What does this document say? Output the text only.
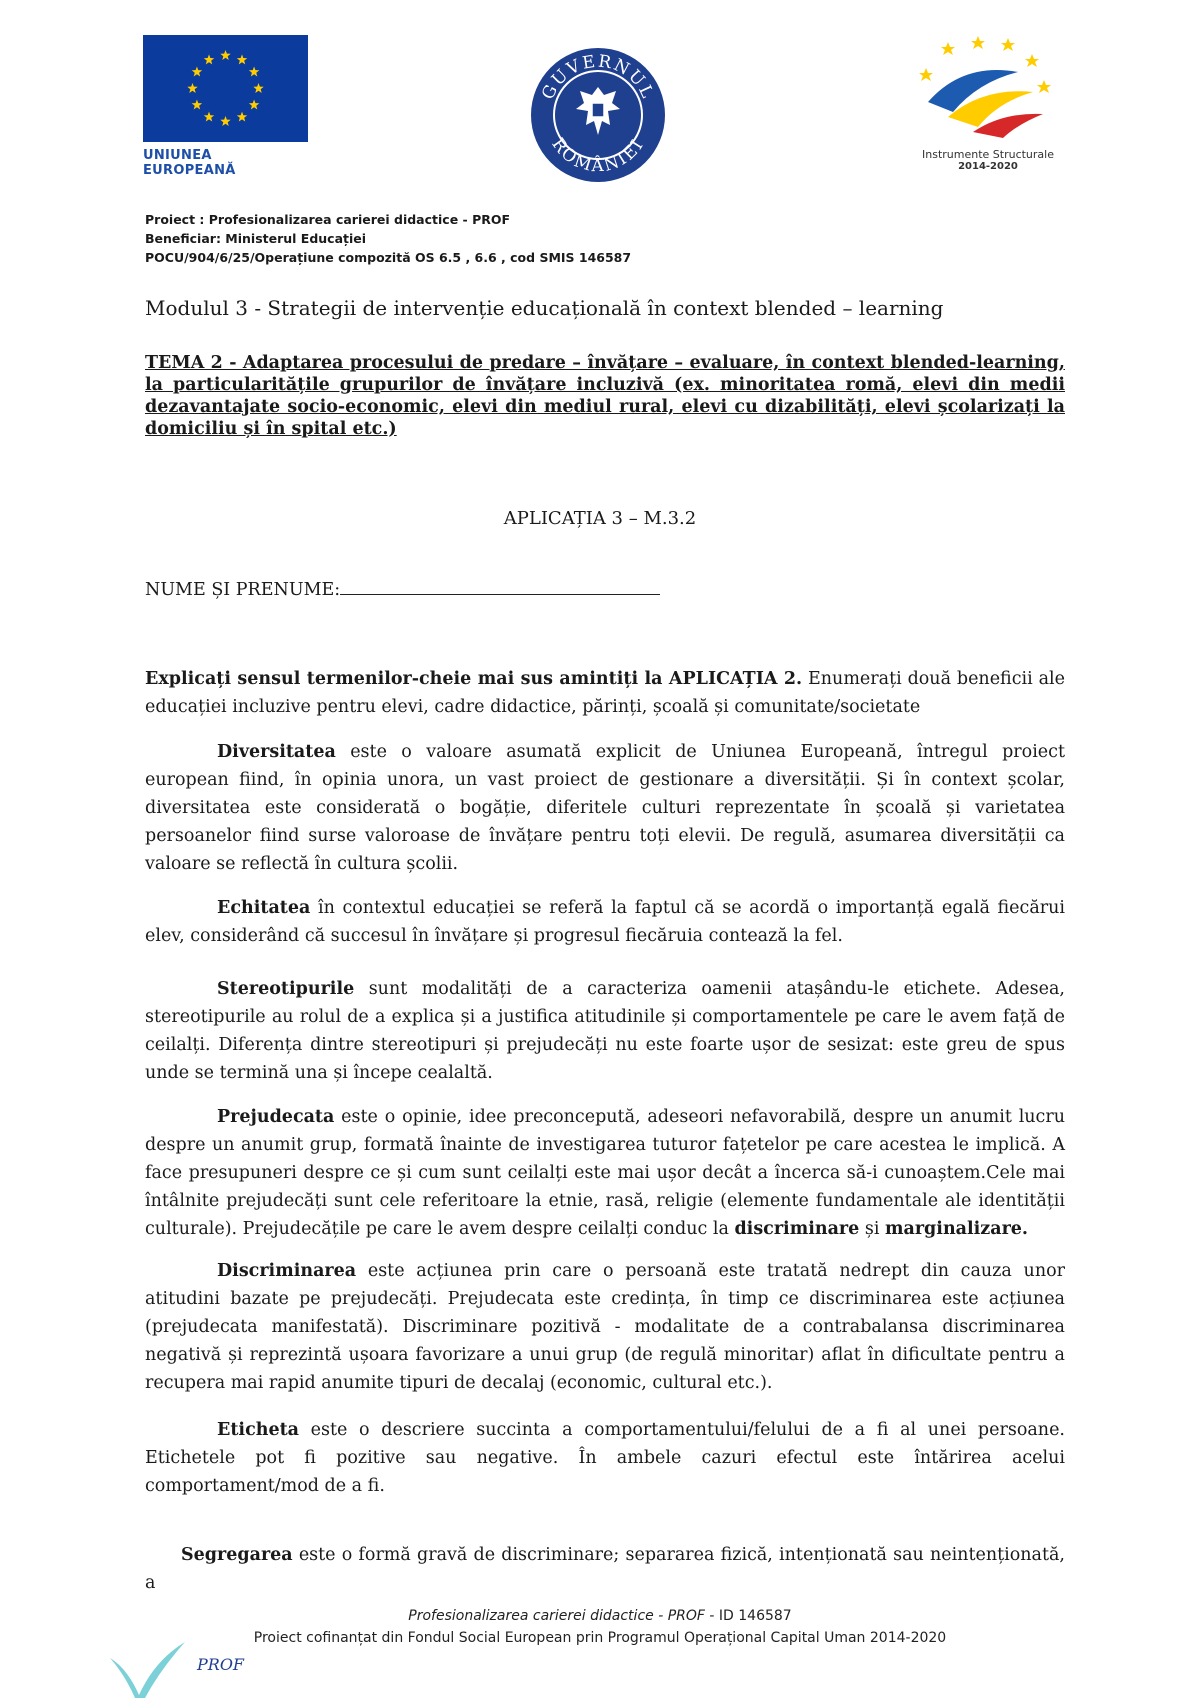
UNIUNEA EUROPEANĂ
GUVERNUL
ROMÂNIEI
Instrumente Structurale
2014-2020
Proiect : Profesionalizarea carierei didactice - PROF
Beneficiar: Ministerul Educației
POCU/904/6/25/Operațiune compozită OS 6.5 , 6.6 , cod SMIS 146587
Modulul 3 - Strategii de intervenție educațională în context blended – learning
TEMA 2 - Adaptarea procesului de predare – învățare – evaluare, în context blended-learning, la particularitățile grupurilor de învățare incluzivă (ex. minoritatea romă, elevi din medii dezavantajate socio-economic, elevi din mediul rural, elevi cu dizabilități, elevi școlarizați la domiciliu și în spital etc.)
APLICAȚIA 3 – M.3.2
NUME ȘI PRENUME:
Explicați sensul termenilor-cheie mai sus amintiți la APLICAȚIA 2. Enumerați două beneficii ale educației incluzive pentru elevi, cadre didactice, părinți, școală și comunitate/societate
Diversitatea este o valoare asumată explicit de Uniunea Europeană, întregul proiect european fiind, în opinia unora, un vast proiect de gestionare a diversității. Și în context școlar, diversitatea este considerată o bogăție, diferitele culturi reprezentate în școală și varietatea persoanelor fiind surse valoroase de învățare pentru toți elevii. De regulă, asumarea diversității ca valoare se reflectă în cultura școlii.
Echitatea în contextul educației se referă la faptul că se acordă o importanță egală fiecărui elev, considerând că succesul în învățare și progresul fiecăruia contează la fel.
Stereotipurile sunt modalități de a caracteriza oamenii atașându-le etichete. Adesea, stereotipurile au rolul de a explica și a justifica atitudinile și comportamentele pe care le avem față de ceilalți. Diferența dintre stereotipuri și prejudecăți nu este foarte ușor de sesizat: este greu de spus unde se termină una și începe cealaltă.
Prejudecata este o opinie, idee preconcepută, adeseori nefavorabilă, despre un anumit lucru despre un anumit grup, formată înainte de investigarea tuturor fațetelor pe care acestea le implică. A face presupuneri despre ce și cum sunt ceilalți este mai ușor decât a încerca să-i cunoaștem.Cele mai întâlnite prejudecăți sunt cele referitoare la etnie, rasă, religie (elemente fundamentale ale identității culturale). Prejudecățile pe care le avem despre ceilalți conduc la discriminare și marginalizare.
Discriminarea este acțiunea prin care o persoană este tratată nedrept din cauza unor atitudini bazate pe prejudecăți. Prejudecata este credința, în timp ce discriminarea este acțiunea (prejudecata manifestată). Discriminare pozitivă - modalitate de a contrabalansa discriminarea negativă și reprezintă ușoara favorizare a unui grup (de regulă minoritar) aflat în dificultate pentru a recupera mai rapid anumite tipuri de decalaj (economic, cultural etc.).
Eticheta este o descriere succinta a comportamentului/felului de a fi al unei persoane. Etichetele pot fi pozitive sau negative. În ambele cazuri efectul este întărirea acelui comportament/mod de a fi.
Segregarea este o formă gravă de discriminare; separarea fizică, intenționată sau neintenționată, a
Profesionalizarea carierei didactice - PROF - ID 146587
Proiect cofinanțat din Fondul Social European prin Programul Operațional Capital Uman 2014-2020
PROF
